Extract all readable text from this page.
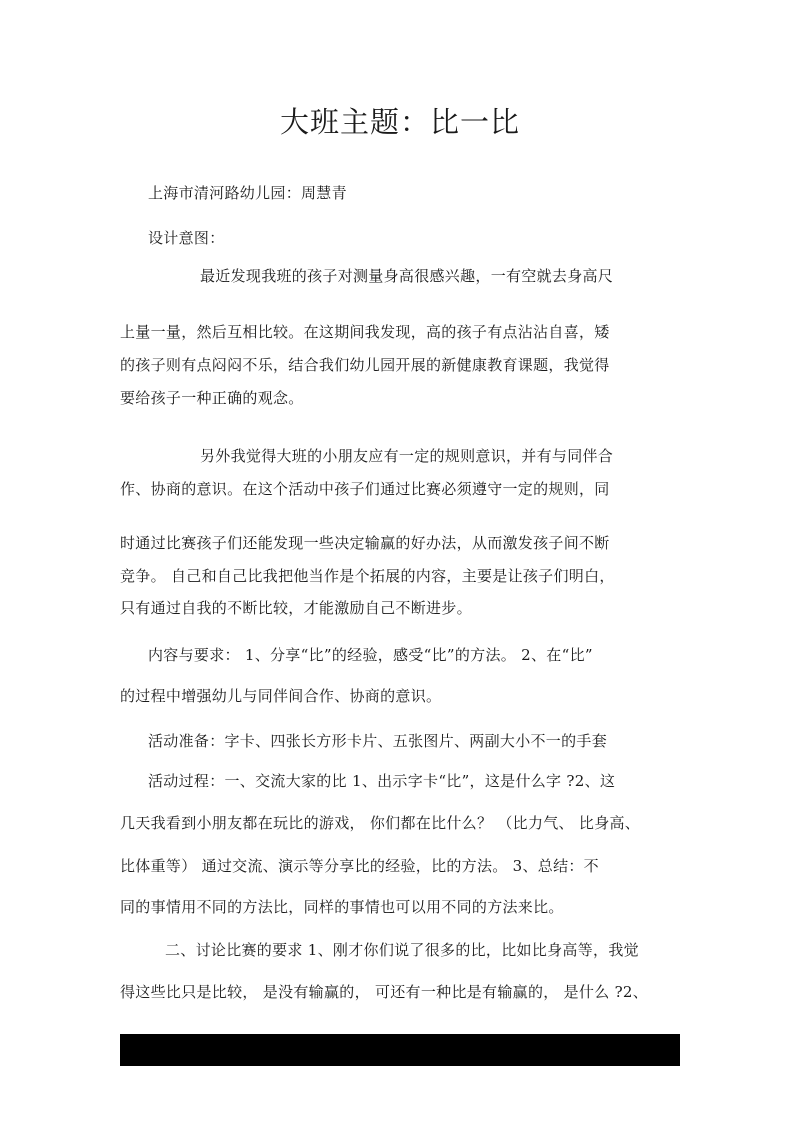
大班主题：比一比
上海市清河路幼儿园：周慧青
设计意图：
最近发现我班的孩子对测量身高很感兴趣，一有空就去身高尺
上量一量，然后互相比较。在这期间我发现，高的孩子有点沾沾自喜，矮
的孩子则有点闷闷不乐，结合我们幼儿园开展的新健康教育课题，我觉得
要给孩子一种正确的观念。
另外我觉得大班的小朋友应有一定的规则意识，并有与同伴合
作、协商的意识。在这个活动中孩子们通过比赛必须遵守一定的规则，同
时通过比赛孩子们还能发现一些决定输赢的好办法，从而激发孩子间不断
竞争。 自己和自己比我把他当作是个拓展的内容，主要是让孩子们明白，
只有通过自我的不断比较，才能激励自己不断进步。
内容与要求： 1、分享“比”的经验，感受“比”的方法。 2、在“比”
的过程中增强幼儿与同伴间合作、协商的意识。
活动准备：字卡、四张长方形卡片、五张图片、两副大小不一的手套
活动过程：一、交流大家的比 1、出示字卡“比”，这是什么字 ?2、这
几天我看到小朋友都在玩比的游戏， 你们都在比什么？ （比力气、 比身高、
比体重等） 通过交流、演示等分享比的经验，比的方法。 3、总结：不
同的事情用不同的方法比，同样的事情也可以用不同的方法来比。
二、讨论比赛的要求 1、刚才你们说了很多的比，比如比身高等，我觉
得这些比只是比较， 是没有输赢的， 可还有一种比是有输赢的， 是什么 ?2、
